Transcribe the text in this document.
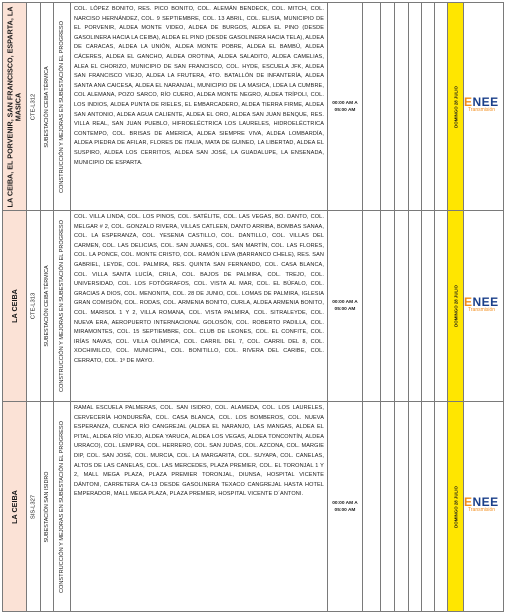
LA CEIBA, EL PORVENIR, SAN FRANCISCO, ESPARTA, LA MASICA	CTE-L312	SUBESTACIÓN CEIBA TÉRMICA	CONSTRUCCIÓN Y MEJORAS EN SUBESTACIÓN EL PROGRESO	COL. LÓPEZ BONITO, RES. PICO BONITO, COL. ALEMÁN BENDECK, COL. MITCH, COL. NARCISO HERNÁNDEZ, COL. 9 SEPTIEMBRE, COL. 13 ABRIL, COL. ELISIA, MUNICIPIO DE EL PORVENIR, ALDEA MONTE VIDEO, ALDEA DE BURGOS, ALDEA EL PINO (DESDE GASOLINERA HACIA LA CEIBA), ALDEA EL PINO (DESDE GASOLINERA HACIA TELA), ALDEA DE CARACAS, ALDEA LA UNIÓN, ALDEA MONTE POBRE, ALDEA EL BAMBÚ, ALDEA CÁCERES, ALDEA EL GANCHO, ALDEA OROTINA, ALDEA SALADITO, ALDEA CAMELIAS, ALEA EL CHORIZO, MUNICIPIO DE SAN FRANCISCO, COL. HYDE, ESCUELA JFK, ALDEA SAN FRANCISCO VIEJO, ALDEA LA FRUTERA, 4TO. BATALLÓN DE INFANTERÍA, ALDEA SANTA ANA CAICESA, ALDEA EL NARANJAL, MUNICIPIO DE LA MASICA, LDEA LA CUMBRE, COL ALEMANA, POZO SARCO, RÍO CUERO, ALDEA MONTE NEGRO, ALDEA TRÍPOLI, COL. LOS INDIOS, ALDEA PUNTA DE RIELES, EL EMBARCADERO, ALDEA TIERRA FIRME, ALDEA SAN ANTONIO, ALDEA AGUA CALIENTE, ALDEA EL ORO, ALDEA SAN JUAN BENQUE, RES. VILLA REAL, SAN JUAN PUEBLO, HIFROELÉCTRICA LOS LAURELES, HIDROELÉCTRICA CONTEMPO, COL. BRISAS DE AMERICA, ALDEA SIEMPRE VIVA, ALDEA LOMBARDÍA, ALDEA PIEDRA DE AFILAR, FLORES DE ITALIA, MATA DE GUINEO, LA LIBERTAD, ALDEA EL SUSPIRO, ALDEA LOS CERRITOS, ALDEA SAN JOSÉ, LA GUADALUPE, LA ENSENADA, MUNICIPIO DE ESPARTA.	00:00 AM A 05:00 AM							DOMINGO 28 JULIO	ENEE
Transmisión

LA CEIBA	CTE-L313	SUBESTACIÓN CEIBA TÉRMICA	CONSTRUCCIÓN Y MEJORAS EN SUBESTACIÓN EL PROGRESO	COL. VILLA LINDA, COL. LOS PINOS, COL. SATÉLITE, COL. LAS VEGAS, BO. DANTO, COL. MELGAR # 2, COL. GONZALO RIVERA, VILLAS CATLEEN, DANTO ARRIBA, BOMBAS SANAA, COL. LA ESPERANZA, COL. YESENIA CASTILLO, COL. DANTILLO, COL. VILLAS DEL CARMEN, COL. LAS DELICIAS, COL. SAN JUANES, COL. SAN MARTÍN, COL. LAS FLORES, COL. LA PONCE, COL. MONTE CRISTO, COL. RAMÓN LEVA (BARRANCO CHELE), RES. SAN GABRIEL, LEYDE, COL. PALMIRA, RES. QUINTA SAN FERNANDO, COL. CASA BLANCA, COL. VILLA SANTA LUCÍA, CRILA, COL. BAJOS DE PALMIRA, COL. TREJO, COL. UNIVERSIDAD, COL. LOS FOTÓGRAFOS, COL. VISTA AL MAR, COL. EL BÚFALO, COL. GRACIAS A DIOS, COL. MENONITA, COL. 28 DE JUNIO, COL. LOMAS DE PALMIRA, IGLESIA GRAN COMISIÓN, COL. RODAS, COL. ARMENIA BONITO, CURLA, ALDEA ARMENIA BONITO, COL. MARISOL 1 Y 2, VILLA ROMANA, COL. VISTA PALMIRA, COL. SITRALEYDE, COL. NUEVA ERA, AEROPUERTO INTERNACIONAL GOLOSÓN, COL. ROBERTO PADILLA, COL. MIRAMONTES, COL. 15 SEPTIEMBRE, COL. CLUB DE LEONES, COL. EL CONFITE, COL. IRÍAS NAVAS, COL. VILLA OLÍMPICA, COL. CARRIL DEL 7, COL. CARRIL DEL 8, COL. XOCHIMILCO, COL. MUNICIPAL, COL. BONITILLO, COL. RIVERA DEL CARIBE, COL. CERRATO, COL. 1º DE MAYO.	00:00 AM A 05:00 AM							DOMINGO 28 JULIO	ENEE
Transmisión

LA CEIBA	SIS-L327	SUBESTACIÓN SAN ISIDRO	CONSTRUCCIÓN Y MEJORAS EN SUBESTACIÓN EL PROGRESO	RAMAL ESCUELA PALMERAS, COL. SAN ISIDRO, COL. ALAMEDA, COL. LOS LAURELES, CERVECERÍA HONDUREÑA, COL. CASA BLANCA, COL. LOS BOMBEROS, COL. NUEVA ESPERANZA, CUENCA RÍO CANGREJAL (ALDEA EL NARANJO, LAS MANGAS, ALDEA EL PITAL, ALDEA RÍO VIEJO, ALDEA YARUCA, ALDEA LOS VEGAS, ALDEA TONCONTÍN, ALDEA URRACO), COL. LEMPIRA, COL. HERRERO, COL. SAN JUDAS, COL. AZCONA, COL. MARGIE DIP, COL. SAN JOSÉ, COL. MURCIA, COL. LA MARGARITA, COL. SUYAPA, COL. CANELAS, ALTOS DE LAS CANELAS, COL. LAS MERCEDES, PLAZA PREMIER, COL. EL TORONJAL 1 Y 2, MALL MEGA PLAZA, PLAZA PREMIER TORONJAL, DIUNSA, HOSPITAL VICENTE DÁNTONI, CARRETERA CA-13 DESDE GASOLINERA TEXACO CANGREJAL HASTA HOTEL EMPERADOR, MALL MEGA PLAZA, PLAZA PREMIER, HOSPITAL VICENTE D´ANTONI.	00:00 AM A 05:00 AM							DOMINGO 28 JULIO	ENEE
Transmisión
